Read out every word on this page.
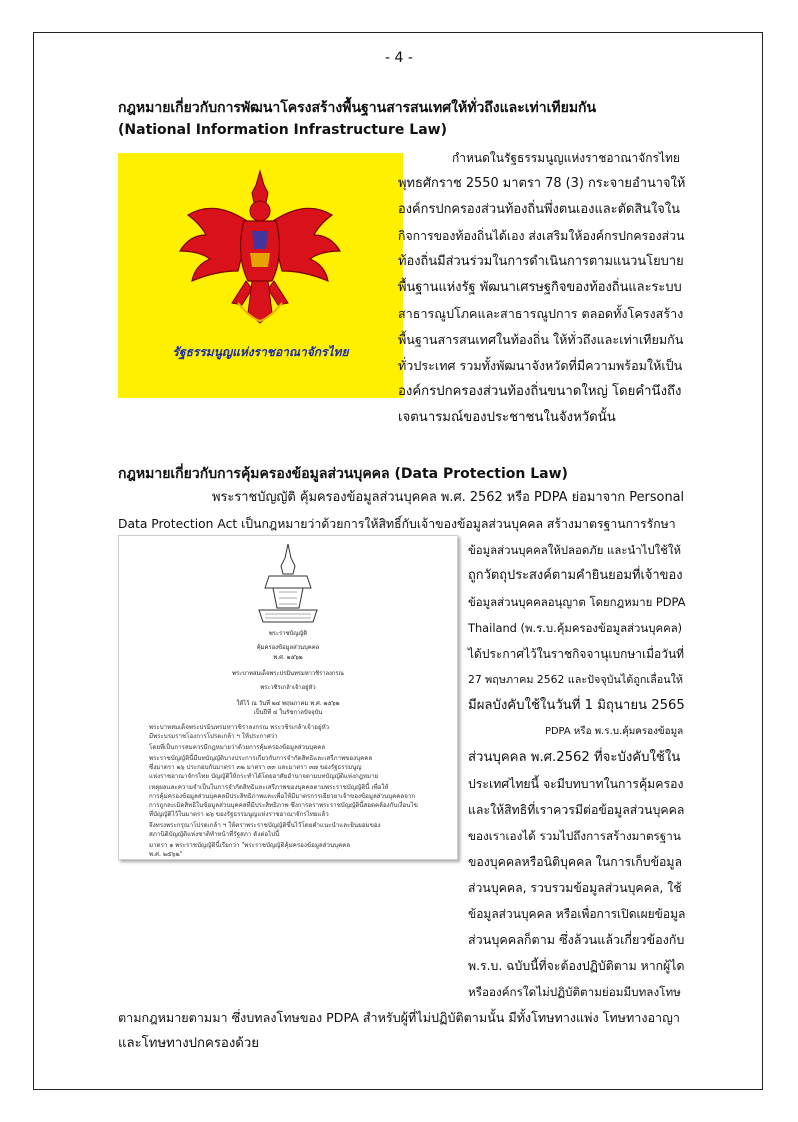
- 4 -
กฎหมายเกี่ยวกับการพัฒนาโครงสร้างพื้นฐานสารสนเทศให้ทั่วถึงและเท่าเทียมกัน
(National Information Infrastructure Law)
รัฐธรรมนูญแห่งราชอาณาจักรไทย
กำหนดในรัฐธรรมนูญแห่งราชอาณาจักรไทย
พุทธศักราช 2550 มาตรา 78 (3) กระจายอำนาจให้
องค์กรปกครองส่วนท้องถิ่นพึ่งตนเองและตัดสินใจใน
กิจการของท้องถิ่นได้เอง ส่งเสริมให้องค์กรปกครองส่วน
ท้องถิ่นมีส่วนร่วมในการดำเนินการตามแนวนโยบาย
พื้นฐานแห่งรัฐ พัฒนาเศรษฐกิจของท้องถิ่นและระบบ
สาธารณูปโภคและสาธารณูปการ ตลอดทั้งโครงสร้าง
พื้นฐานสารสนเทศในท้องถิ่น ให้ทั่วถึงและเท่าเทียมกัน
ทั่วประเทศ รวมทั้งพัฒนาจังหวัดที่มีความพร้อมให้เป็น
องค์กรปกครองส่วนท้องถิ่นขนาดใหญ่ โดยคำนึงถึง
เจตนารมณ์ของประชาชนในจังหวัดนั้น
กฎหมายเกี่ยวกับการคุ้มครองข้อมูลส่วนบุคคล (Data Protection Law)
พระราชบัญญัติ คุ้มครองข้อมูลส่วนบุคคล พ.ศ. 2562 หรือ PDPA ย่อมาจาก Personal
Data Protection Act เป็นกฎหมายว่าด้วยการให้สิทธิ์กับเจ้าของข้อมูลส่วนบุคคล สร้างมาตรฐานการรักษา
พระราชบัญญัติ
คุ้มครองข้อมูลส่วนบุคคล
พ.ศ. ๒๕๖๒
พระบาทสมเด็จพระปรมินทรมหาวชิราลงกรณ
พระวชิรเกล้าเจ้าอยู่หัว
ให้ไว้ ณ วันที่ ๒๔ พฤษภาคม พ.ศ. ๒๕๖๒
เป็นปีที่ ๔ ในรัชกาลปัจจุบัน
พระบาทสมเด็จพระปรมินทรมหาวชิราลงกรณ พระวชิรเกล้าเจ้าอยู่หัว
มีพระบรมราชโองการโปรดเกล้า ฯ ให้ประกาศว่า
โดยที่เป็นการสมควรมีกฎหมายว่าด้วยการคุ้มครองข้อมูลส่วนบุคคล
พระราชบัญญัตินี้มีบทบัญญัติบางประการเกี่ยวกับการจำกัดสิทธิและเสรีภาพของบุคคล
ซึ่งมาตรา ๒๖ ประกอบกับมาตรา ๓๒ มาตรา ๓๓ และมาตรา ๓๗ ของรัฐธรรมนูญ
แห่งราชอาณาจักรไทย บัญญัติให้กระทำได้โดยอาศัยอำนาจตามบทบัญญัติแห่งกฎหมาย
เหตุผลและความจำเป็นในการจำกัดสิทธิและเสรีภาพของบุคคลตามพระราชบัญญัตินี้ เพื่อให้
การคุ้มครองข้อมูลส่วนบุคคลมีประสิทธิภาพและเพื่อให้มีมาตรการเยียวยาเจ้าของข้อมูลส่วนบุคคลจาก
การถูกละเมิดสิทธิในข้อมูลส่วนบุคคลที่มีประสิทธิภาพ ซึ่งการตราพระราชบัญญัตินี้สอดคล้องกับเงื่อนไข
ที่บัญญัติไว้ในมาตรา ๒๖ ของรัฐธรรมนูญแห่งราชอาณาจักรไทยแล้ว
จึงทรงพระกรุณาโปรดเกล้า ฯ ให้ตราพระราชบัญญัติขึ้นไว้โดยคำแนะนำและยินยอมของ
สภานิติบัญญัติแห่งชาติทำหน้าที่รัฐสภา ดังต่อไปนี้
มาตรา ๑ พระราชบัญญัตินี้เรียกว่า "พระราชบัญญัติคุ้มครองข้อมูลส่วนบุคคล
พ.ศ. ๒๕๖๒"
ข้อมูลส่วนบุคคลให้ปลอดภัย และนำไปใช้ให้
ถูกวัตถุประสงค์ตามคำยินยอมที่เจ้าของ
ข้อมูลส่วนบุคคลอนุญาต โดยกฎหมาย PDPA
Thailand (พ.ร.บ.คุ้มครองข้อมูลส่วนบุคคล)
ได้ประกาศไว้ในราชกิจจานุเบกษาเมื่อวันที่
27 พฤษภาคม 2562 และปัจจุบันได้ถูกเลื่อนให้
มีผลบังคับใช้ในวันที่ 1 มิถุนายน 2565
PDPA หรือ พ.ร.บ.คุ้มครองข้อมูล
ส่วนบุคคล พ.ศ.2562 ที่จะบังคับใช้ใน
ประเทศไทยนี้ จะมีบทบาทในการคุ้มครอง
และให้สิทธิที่เราควรมีต่อข้อมูลส่วนบุคคล
ของเราเองได้ รวมไปถึงการสร้างมาตรฐาน
ของบุคคลหรือนิติบุคคล ในการเก็บข้อมูล
ส่วนบุคคล, รวบรวมข้อมูลส่วนบุคคล, ใช้
ข้อมูลส่วนบุคคล หรือเพื่อการเปิดเผยข้อมูล
ส่วนบุคคลก็ตาม ซึ่งล้วนแล้วเกี่ยวข้องกับ
พ.ร.บ. ฉบับนี้ที่จะต้องปฏิบัติตาม หากผู้ได
หรือองค์กรใดไม่ปฏิบัติตามย่อมมีบทลงโทษ
ตามกฎหมายตามมา ซึ่งบทลงโทษของ PDPA สำหรับผู้ที่ไม่ปฏิบัติตามนั้น มีทั้งโทษทางแพ่ง โทษทางอาญา
และโทษทางปกครองด้วย
